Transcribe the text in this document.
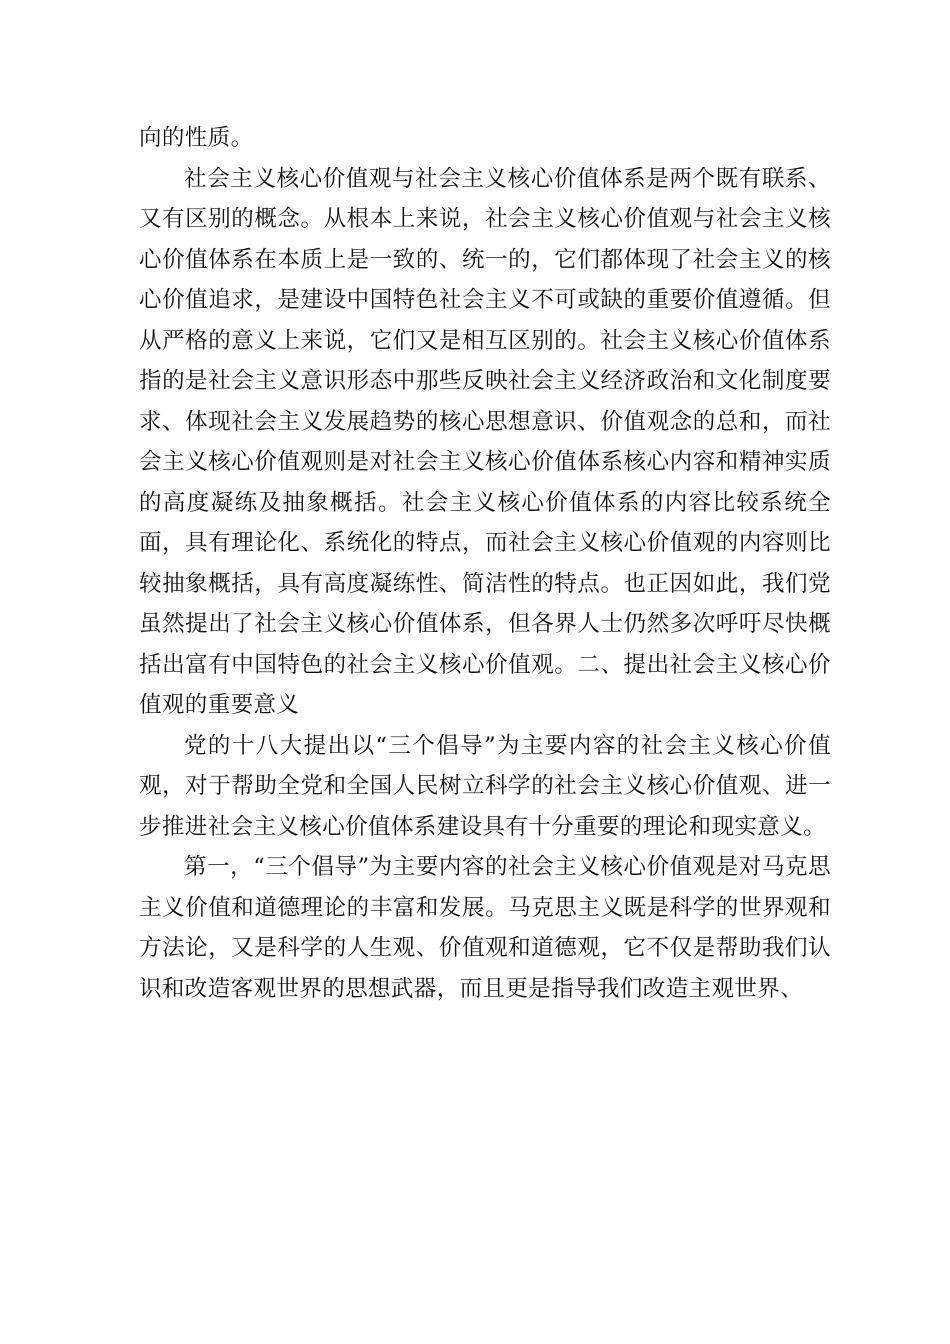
向的性质。

社会主义核心价值观与社会主义核心价值体系是两个既有联系、又有区别的概念。从根本上来说，社会主义核心价值观与社会主义核心价值体系在本质上是一致的、统一的，它们都体现了社会主义的核心价值追求，是建设中国特色社会主义不可或缺的重要价值遵循。但从严格的意义上来说，它们又是相互区别的。社会主义核心价值体系指的是社会主义意识形态中那些反映社会主义经济政治和文化制度要求、体现社会主义发展趋势的核心思想意识、价值观念的总和，而社会主义核心价值观则是对社会主义核心价值体系核心内容和精神实质的高度凝练及抽象概括。社会主义核心价值体系的内容比较系统全面，具有理论化、系统化的特点，而社会主义核心价值观的内容则比较抽象概括，具有高度凝练性、简洁性的特点。也正因如此，我们党虽然提出了社会主义核心价值体系，但各界人士仍然多次呼吁尽快概括出富有中国特色的社会主义核心价值观。二、提出社会主义核心价值观的重要意义

党的十八大提出以“三个倡导”为主要内容的社会主义核心价值观，对于帮助全党和全国人民树立科学的社会主义核心价值观、进一步推进社会主义核心价值体系建设具有十分重要的理论和现实意义。

第一，“三个倡导”为主要内容的社会主义核心价值观是对马克思主义价值和道德理论的丰富和发展。马克思主义既是科学的世界观和方法论，又是科学的人生观、价值观和道德观，它不仅是帮助我们认识和改造客观世界的思想武器，而且更是指导我们改造主观世界、
